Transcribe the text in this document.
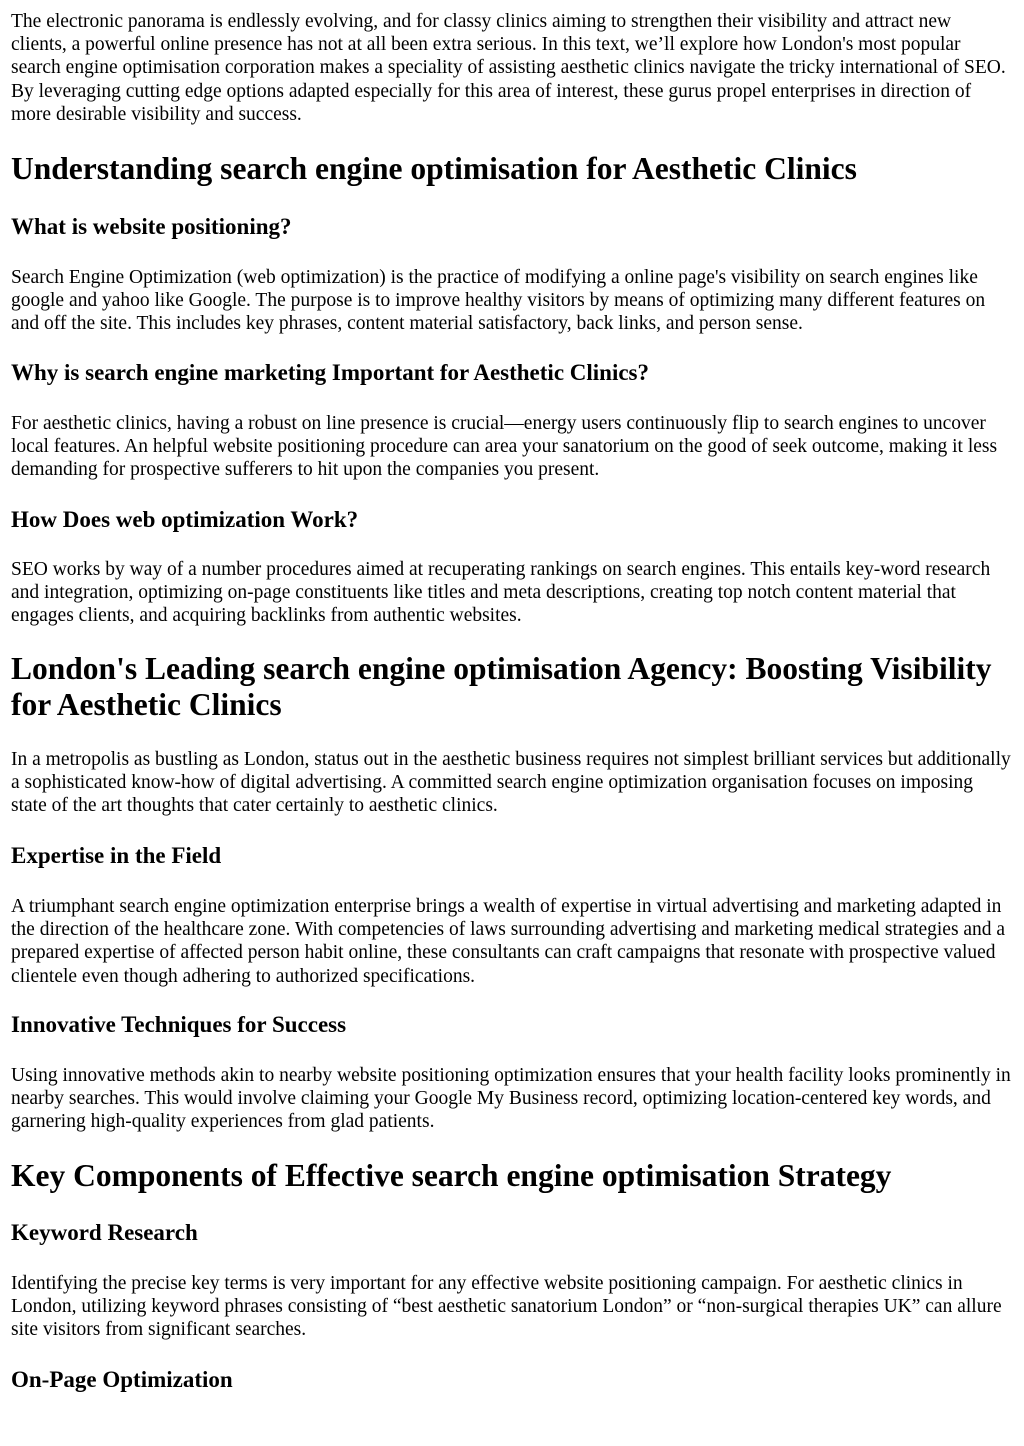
The electronic panorama is endlessly evolving, and for classy clinics aiming to strengthen their visibility and attract new clients, a powerful online presence has not at all been extra serious. In this text, we’ll explore how London's most popular search engine optimisation corporation makes a speciality of assisting aesthetic clinics navigate the tricky international of SEO. By leveraging cutting edge options adapted especially for this area of interest, these gurus propel enterprises in direction of more desirable visibility and success.

Understanding search engine optimisation for Aesthetic Clinics
What is website positioning?

Search Engine Optimization (web optimization) is the practice of modifying a online page's visibility on search engines like google and yahoo like Google. The purpose is to improve healthy visitors by means of optimizing many different features on and off the site. This includes key phrases, content material satisfactory, back links, and person sense.

Why is search engine marketing Important for Aesthetic Clinics?

For aesthetic clinics, having a robust on line presence is crucial—energy users continuously flip to search engines to uncover local features. An helpful website positioning procedure can area your sanatorium on the good of seek outcome, making it less demanding for prospective sufferers to hit upon the companies you present.

How Does web optimization Work?

SEO works by way of a number procedures aimed at recuperating rankings on search engines. This entails key-word research and integration, optimizing on-page constituents like titles and meta descriptions, creating top notch content material that engages clients, and acquiring backlinks from authentic websites.

London's Leading search engine optimisation Agency: Boosting Visibility for Aesthetic Clinics

In a metropolis as bustling as London, status out in the aesthetic business requires not simplest brilliant services but additionally a sophisticated know-how of digital advertising. A committed search engine optimization organisation focuses on imposing state of the art thoughts that cater certainly to aesthetic clinics.

Expertise in the Field

A triumphant search engine optimization enterprise brings a wealth of expertise in virtual advertising and marketing adapted in the direction of the healthcare zone. With competencies of laws surrounding advertising and marketing medical strategies and a prepared expertise of affected person habit online, these consultants can craft campaigns that resonate with prospective valued clientele even though adhering to authorized specifications.

Innovative Techniques for Success

Using innovative methods akin to nearby website positioning optimization ensures that your health facility looks prominently in nearby searches. This would involve claiming your Google My Business record, optimizing location-centered key words, and garnering high-quality experiences from glad patients.

Key Components of Effective search engine optimisation Strategy
Keyword Research

Identifying the precise key terms is very important for any effective website positioning campaign. For aesthetic clinics in London, utilizing keyword phrases consisting of “best aesthetic sanatorium London” or “non-surgical therapies UK” can allure site visitors from significant searches.

On-Page Optimization
